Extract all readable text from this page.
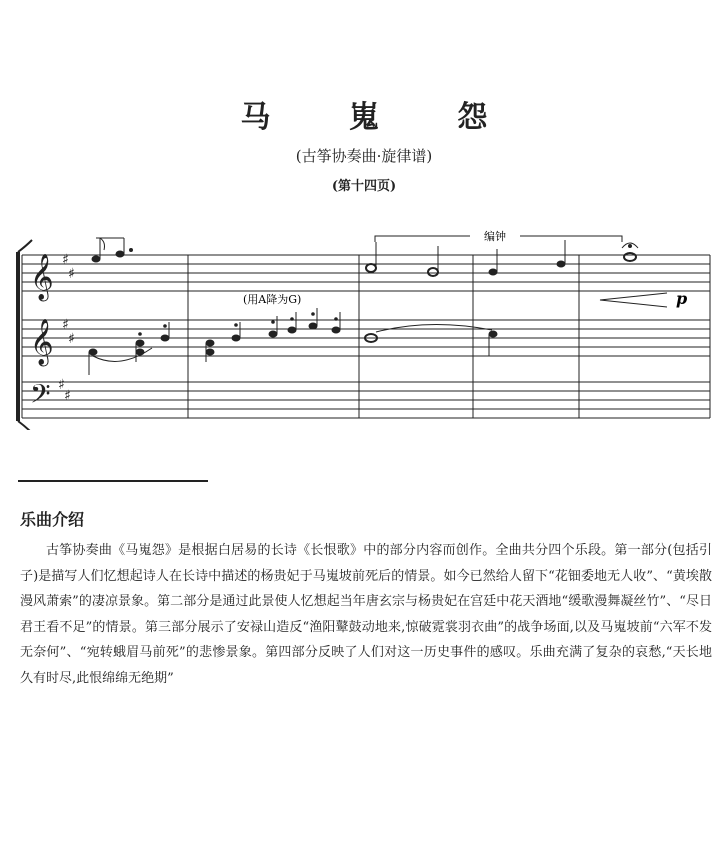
马 嵬 怨
(古筝协奏曲·旋律谱)
(第十四页)
𝄞
𝄞
𝄢
♯
♯
♯
♯
♯
♯
编钟
p
(用A降为G)
乐曲介绍

古筝协奏曲《马嵬怨》是根据白居易的长诗《长恨歌》中的部分内容而创作。全曲共分四个乐段。第一部分(包括引子)是描写人们忆想起诗人在长诗中描述的杨贵妃于马嵬坡前死后的情景。如今已然给人留下“花钿委地无人收”、“黄埃散漫风萧索”的凄凉景象。第二部分是通过此景使人忆想起当年唐玄宗与杨贵妃在宫廷中花天酒地“缓歌漫舞凝丝竹”、“尽日君王看不足”的情景。第三部分展示了安禄山造反“渔阳鼙鼓动地来,惊破霓裳羽衣曲”的战争场面,以及马嵬坡前“六军不发无奈何”、“宛转蛾眉马前死”的悲惨景象。第四部分反映了人们对这一历史事件的感叹。乐曲充满了复杂的哀愁,“天长地久有时尽,此恨绵绵无绝期”
